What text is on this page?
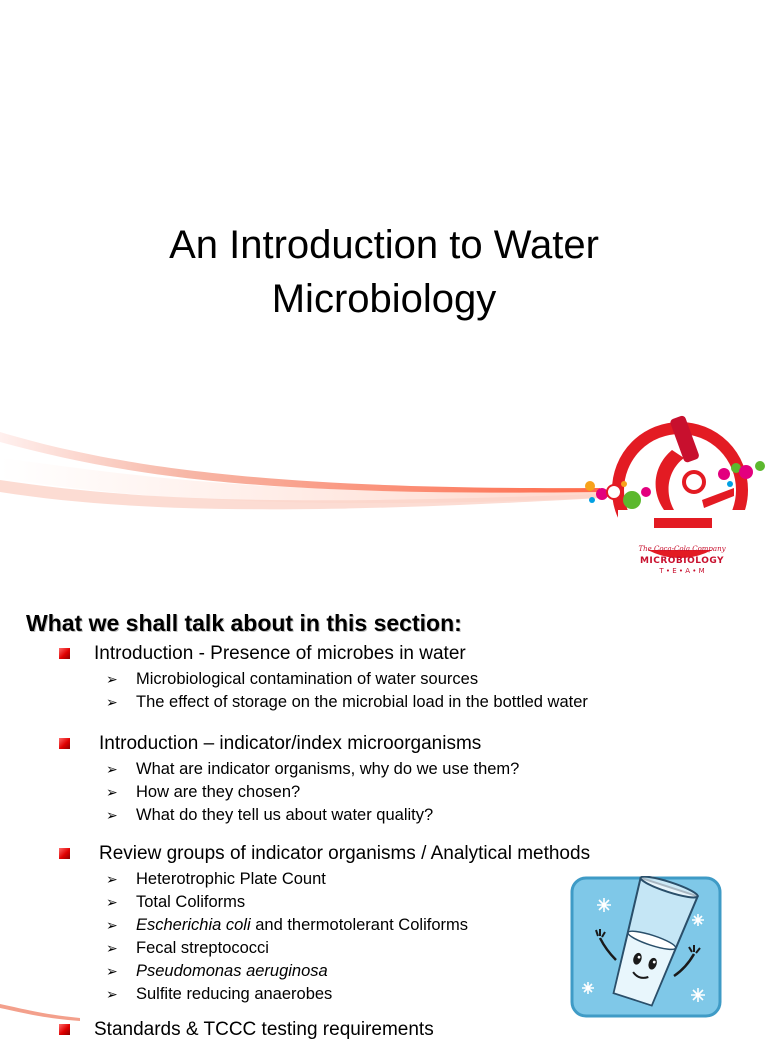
An Introduction to Water
Microbiology
The Coca-Cola Company
MICROBIOLOGY
T • E • A • M
What we shall talk about in this section:
Introduction - Presence of microbes in water
➢ Microbiological contamination of water sources
➢ The effect of storage on the microbial load in the bottled water
Introduction – indicator/index microorganisms
➢ What are indicator organisms, why do we use them?
➢ How are they chosen?
➢ What do they tell us about water quality?
Review groups of indicator organisms / Analytical methods
➢ Heterotrophic Plate Count
➢ Total Coliforms
➢ Escherichia coli and thermotolerant Coliforms
➢ Fecal streptococci
➢ Pseudomonas aeruginosa
➢ Sulfite reducing anaerobes
Standards & TCCC testing requirements
